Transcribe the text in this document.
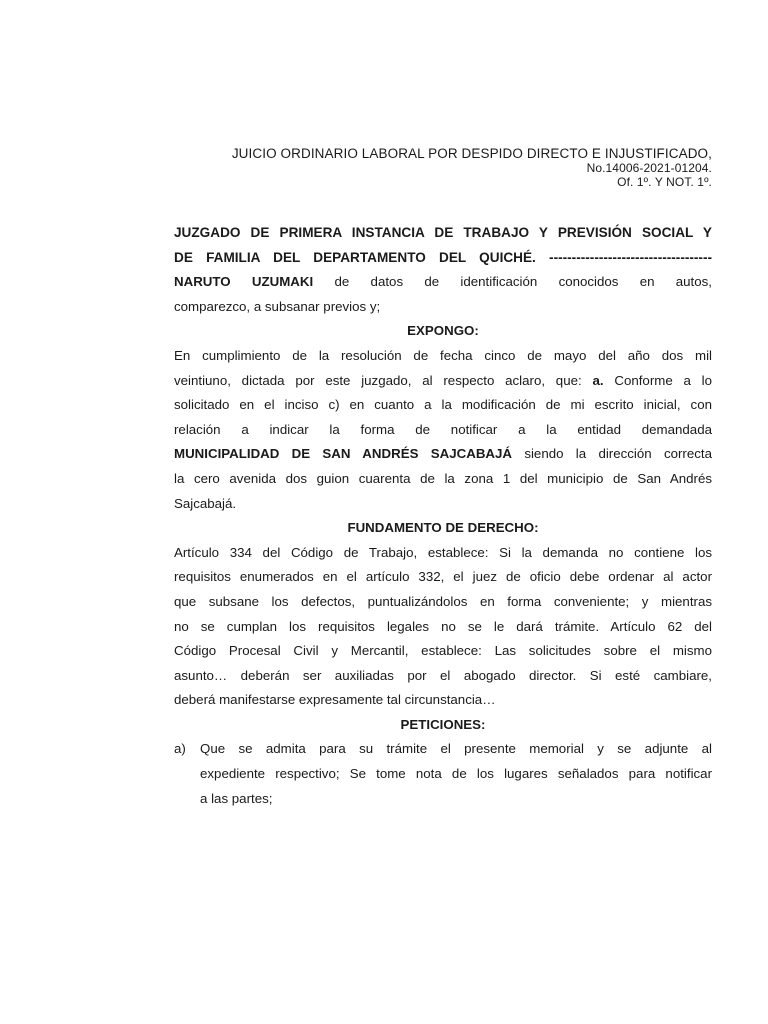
JUICIO ORDINARIO LABORAL POR DESPIDO DIRECTO E INJUSTIFICADO,
No.14006-2021-01204.
Of. 1º. Y NOT. 1º.
JUZGADO DE PRIMERA INSTANCIA DE TRABAJO Y PREVISIÓN SOCIAL Y
DE FAMILIA DEL DEPARTAMENTO DEL QUICHÉ. ------------------------------------
NARUTO UZUMAKI de datos de identificación conocidos en autos,
comparezco, a subsanar previos y;
EXPONGO:
En cumplimiento de la resolución de fecha cinco de mayo del año dos mil
veintiuno, dictada por este juzgado, al respecto aclaro, que: a. Conforme a lo
solicitado en el inciso c) en cuanto a la modificación de mi escrito inicial, con
relación a indicar la forma de notificar a la entidad demandada
MUNICIPALIDAD DE SAN ANDRÉS SAJCABAJÁ siendo la dirección correcta
la cero avenida dos guion cuarenta de la zona 1 del municipio de San Andrés
Sajcabajá.
FUNDAMENTO DE DERECHO:
Artículo 334 del Código de Trabajo, establece: Si la demanda no contiene los
requisitos enumerados en el artículo 332, el juez de oficio debe ordenar al actor
que subsane los defectos, puntualizándolos en forma conveniente; y mientras
no se cumplan los requisitos legales no se le dará trámite. Artículo 62 del
Código Procesal Civil y Mercantil, establece: Las solicitudes sobre el mismo
asunto… deberán ser auxiliadas por el abogado director. Si esté cambiare,
deberá manifestarse expresamente tal circunstancia…
PETICIONES:
a) Que se admita para su trámite el presente memorial y se adjunte al
expediente respectivo; Se tome nota de los lugares señalados para notificar
a las partes;
